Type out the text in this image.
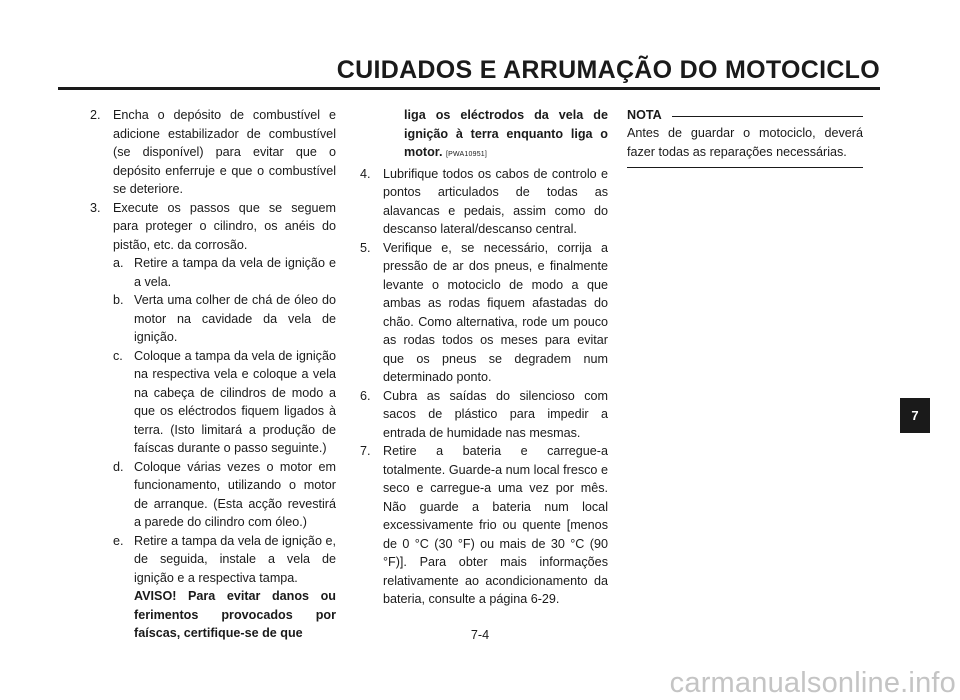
CUIDADOS E ARRUMAÇÃO DO MOTOCICLO
2. Encha o depósito de combustível e adicione estabilizador de combustível (se disponível) para evitar que o depósito enferruje e que o combustível se deteriore.

3. Execute os passos que se seguem para proteger o cilindro, os anéis do pistão, etc. da corrosão.

a. Retire a tampa da vela de ignição e a vela.

b. Verta uma colher de chá de óleo do motor na cavidade da vela de ignição.

c. Coloque a tampa da vela de ignição na respectiva vela e coloque a vela na cabeça de cilindros de modo a que os eléctrodos fiquem ligados à terra. (Isto limitará a produção de faíscas durante o passo seguinte.)

d. Coloque várias vezes o motor em funcionamento, utilizando o motor de arranque. (Esta acção revestirá a parede do cilindro com óleo.)

e. Retire a tampa da vela de ignição e, de seguida, instale a vela de ignição e a respectiva tampa.

AVISO! Para evitar danos ou ferimentos provocados por faíscas, certifique-se de que

liga os eléctrodos da vela de ignição à terra enquanto liga o motor. [PWA10951]

4. Lubrifique todos os cabos de controlo e pontos articulados de todas as alavancas e pedais, assim como do descanso lateral/descanso central.

5. Verifique e, se necessário, corrija a pressão de ar dos pneus, e finalmente levante o motociclo de modo a que ambas as rodas fiquem afastadas do chão. Como alternativa, rode um pouco as rodas todos os meses para evitar que os pneus se degradem num determinado ponto.

6. Cubra as saídas do silencioso com sacos de plástico para impedir a entrada de humidade nas mesmas.

7. Retire a bateria e carregue-a totalmente. Guarde-a num local fresco e seco e carregue-a uma vez por mês. Não guarde a bateria num local excessivamente frio ou quente [menos de 0 °C (30 °F) ou mais de 30 °C (90 °F)]. Para obter mais informações relativamente ao acondicionamento da bateria, consulte a página 6-29.

NOTA

Antes de guardar o motociclo, deverá fazer todas as reparações necessárias.

7
7-4
carmanualsonline.info
